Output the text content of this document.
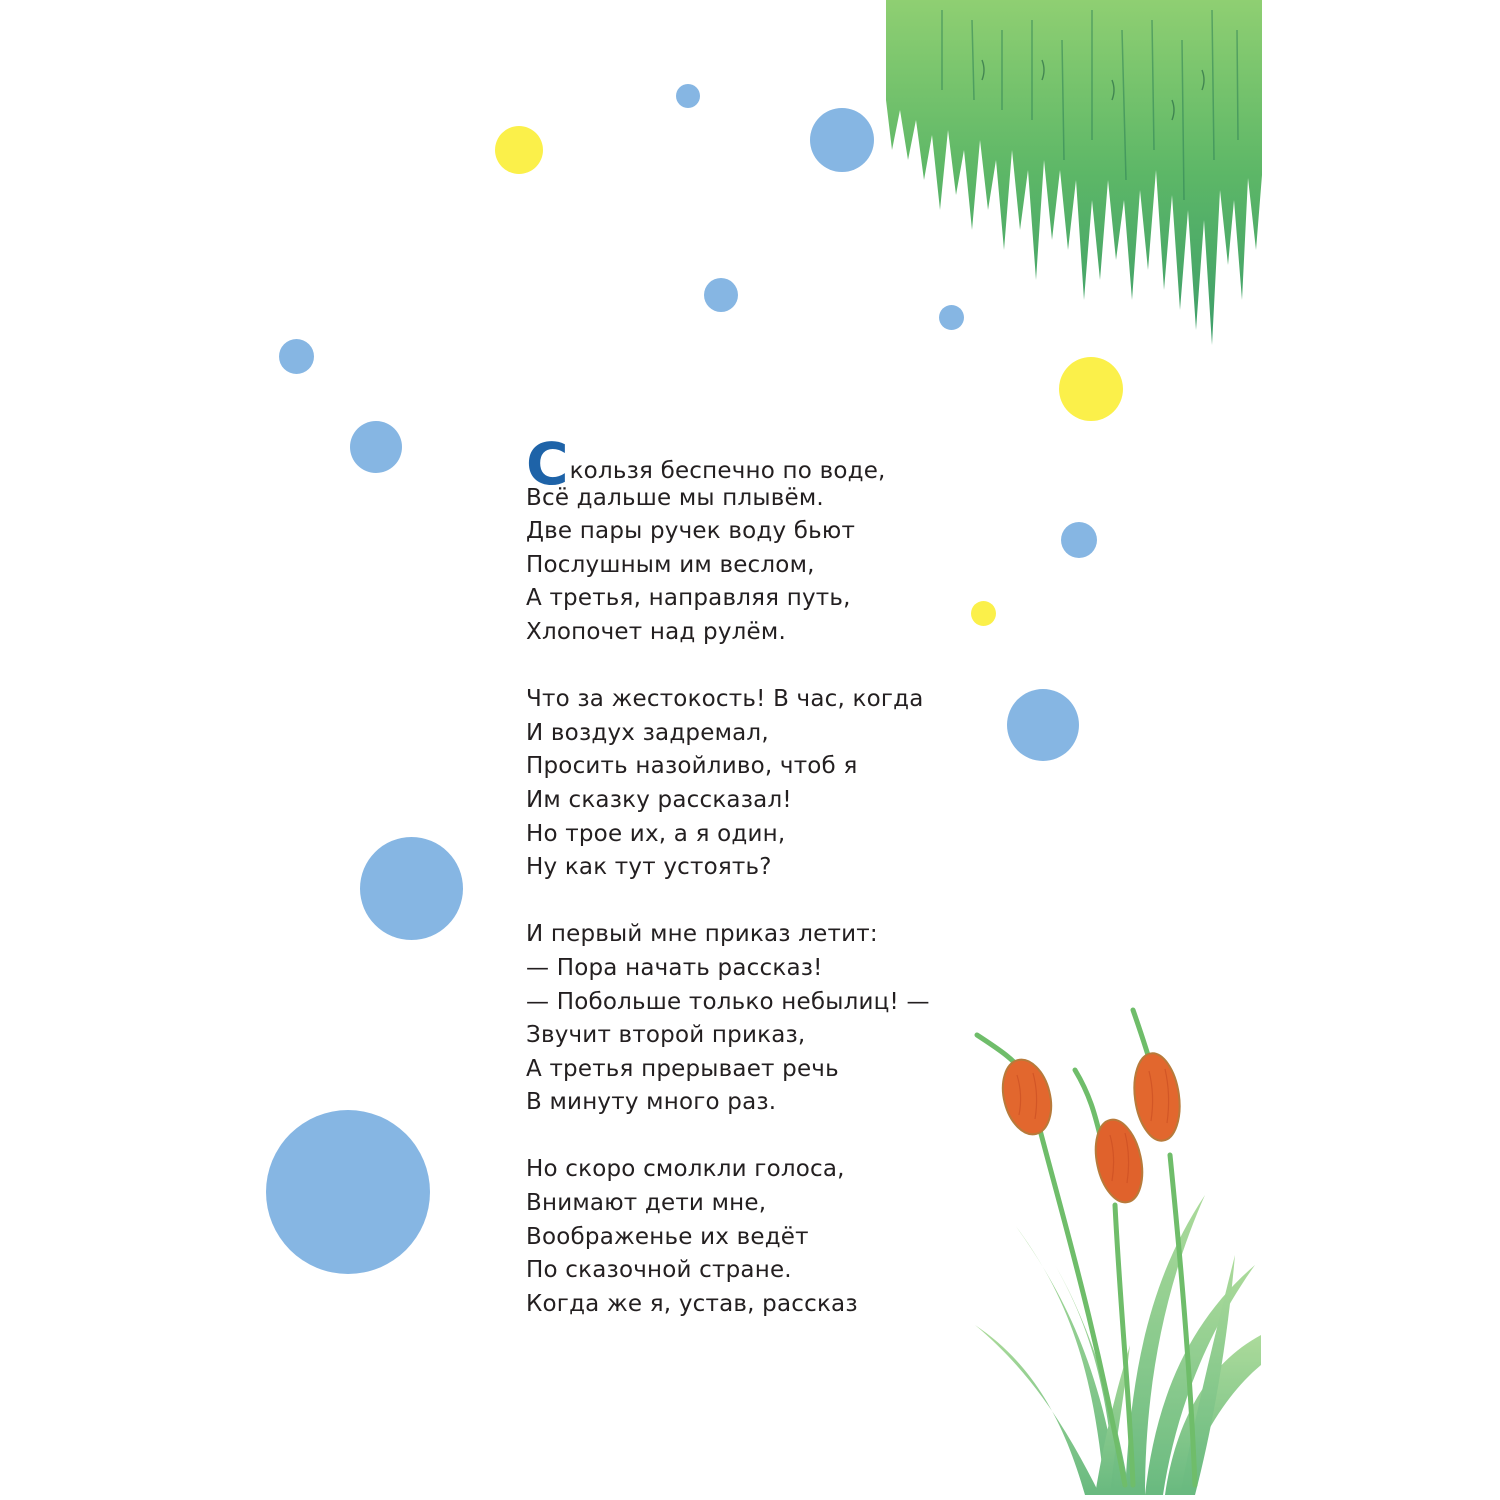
Скользя беспечно по воде,
Всё дальше мы плывём.
Две пары ручек воду бьют
Послушным им веслом,
А третья, направляя путь,
Хлопочет над рулём.
Что за жестокость! В час, когда
И воздух задремал,
Просить назойливо, чтоб я
Им сказку рассказал!
Но трое их, а я один,
Ну как тут устоять?
И первый мне приказ летит:
— Пора начать рассказ!
— Побольше только небылиц! —
Звучит второй приказ,
А третья прерывает речь
В минуту много раз.
Но скоро смолкли голоса,
Внимают дети мне,
Воображенье их ведёт
По сказочной стране.
Когда же я, устав, рассказ
